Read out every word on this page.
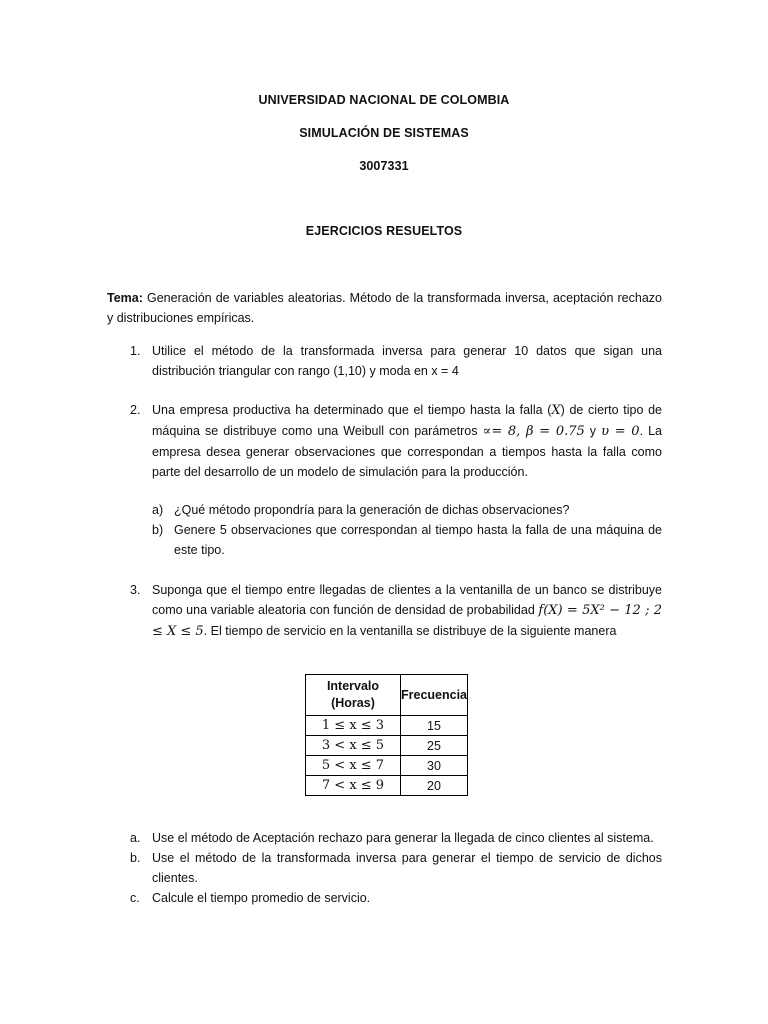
UNIVERSIDAD NACIONAL DE COLOMBIA
SIMULACIÓN DE SISTEMAS
3007331
EJERCICIOS RESUELTOS
Tema: Generación de variables aleatorias. Método de la transformada inversa, aceptación rechazo y distribuciones empíricas.
1. Utilice el método de la transformada inversa para generar 10 datos que sigan una distribución triangular con rango (1,10) y moda en x = 4
2. Una empresa productiva ha determinado que el tiempo hasta la falla (X) de cierto tipo de máquina se distribuye como una Weibull con parámetros ∝= 8, β = 0.75 y υ = 0. La empresa desea generar observaciones que correspondan a tiempos hasta la falla como parte del desarrollo de un modelo de simulación para la producción.
a) ¿Qué método propondría para la generación de dichas observaciones?
b) Genere 5 observaciones que correspondan al tiempo hasta la falla de una máquina de este tipo.
3. Suponga que el tiempo entre llegadas de clientes a la ventanilla de un banco se distribuye como una variable aleatoria con función de densidad de probabilidad f(X) = 5X² − 12 ; 2 ≤ X ≤ 5. El tiempo de servicio en la ventanilla se distribuye de la siguiente manera
Intervalo (Horas)	Frecuencia
1 ≤ x ≤ 3	15
3 < x ≤ 5	25
5 < x ≤ 7	30
7 < x ≤ 9	20
a. Use el método de Aceptación rechazo para generar la llegada de cinco clientes al sistema.
b. Use el método de la transformada inversa para generar el tiempo de servicio de dichos clientes.
c. Calcule el tiempo promedio de servicio.
